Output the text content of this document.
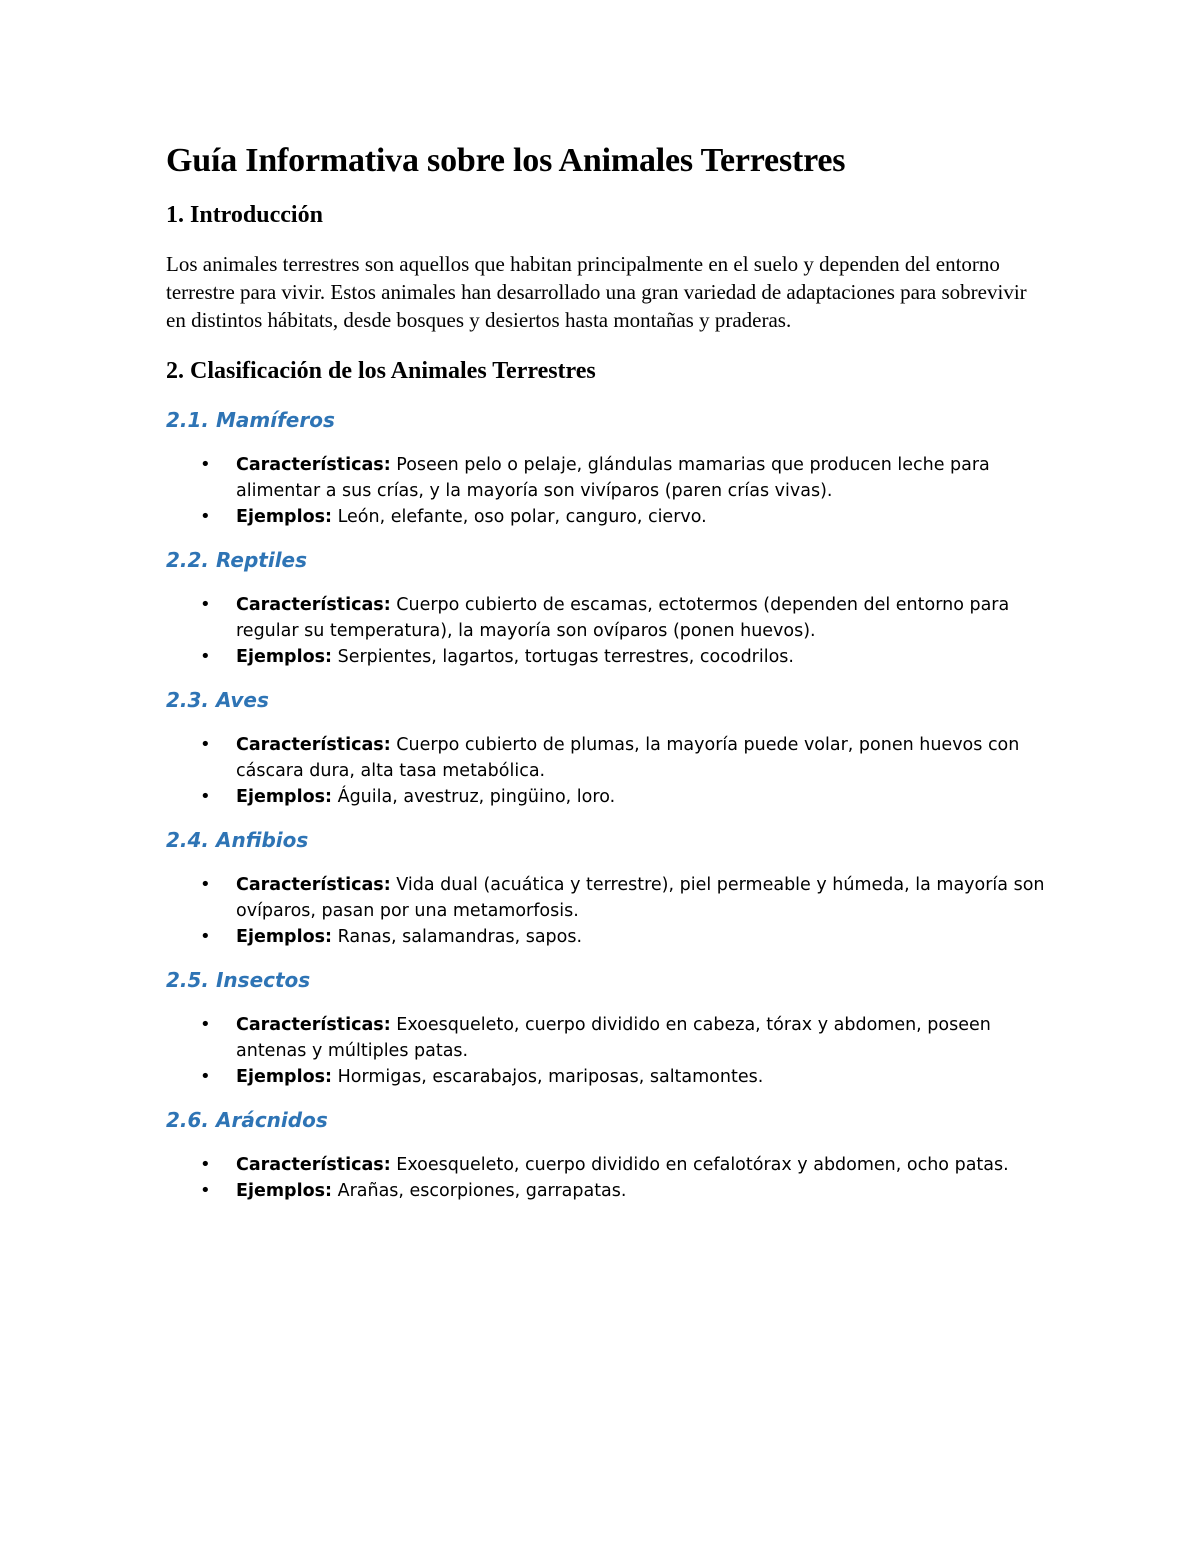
Guía Informativa sobre los Animales Terrestres
1. Introducción

Los animales terrestres son aquellos que habitan principalmente en el suelo y dependen del entorno terrestre para vivir. Estos animales han desarrollado una gran variedad de adaptaciones para sobrevivir en distintos hábitats, desde bosques y desiertos hasta montañas y praderas.

2. Clasificación de los Animales Terrestres
2.1. Mamíferos
• Características: Poseen pelo o pelaje, glándulas mamarias que producen leche para alimentar a sus crías, y la mayoría son vivíparos (paren crías vivas).
• Ejemplos: León, elefante, oso polar, canguro, ciervo.
2.2. Reptiles
• Características: Cuerpo cubierto de escamas, ectotermos (dependen del entorno para regular su temperatura), la mayoría son ovíparos (ponen huevos).
• Ejemplos: Serpientes, lagartos, tortugas terrestres, cocodrilos.
2.3. Aves
• Características: Cuerpo cubierto de plumas, la mayoría puede volar, ponen huevos con cáscara dura, alta tasa metabólica.
• Ejemplos: Águila, avestruz, pingüino, loro.
2.4. Anfibios
• Características: Vida dual (acuática y terrestre), piel permeable y húmeda, la mayoría son ovíparos, pasan por una metamorfosis.
• Ejemplos: Ranas, salamandras, sapos.
2.5. Insectos
• Características: Exoesqueleto, cuerpo dividido en cabeza, tórax y abdomen, poseen antenas y múltiples patas.
• Ejemplos: Hormigas, escarabajos, mariposas, saltamontes.
2.6. Arácnidos
• Características: Exoesqueleto, cuerpo dividido en cefalotórax y abdomen, ocho patas.
• Ejemplos: Arañas, escorpiones, garrapatas.
